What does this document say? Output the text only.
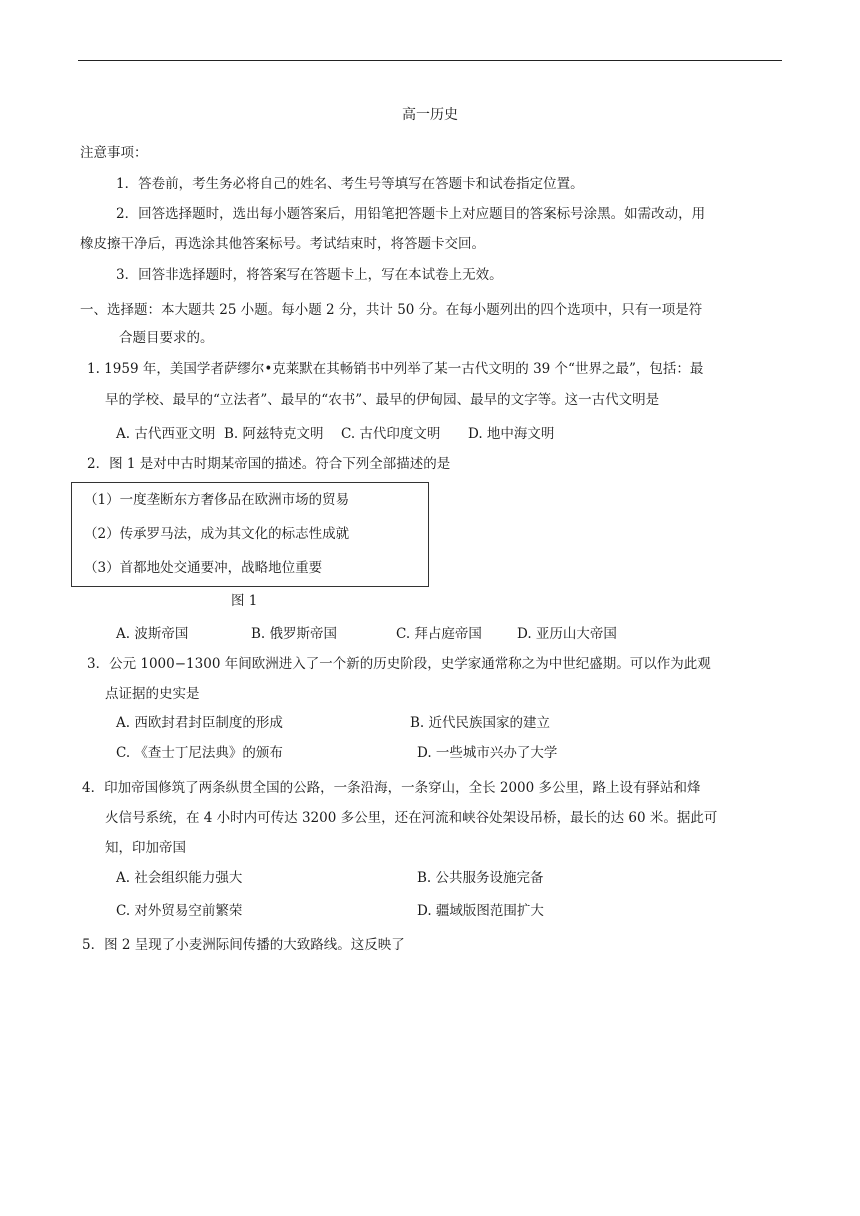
高一历史
注意事项：
1．答卷前，考生务必将自己的姓名、考生号等填写在答题卡和试卷指定位置。
2．回答选择题时，选出每小题答案后，用铅笔把答题卡上对应题目的答案标号涂黑。如需改动，用
橡皮擦干净后，再选涂其他答案标号。考试结束时，将答题卡交回。
3．回答非选择题时，将答案写在答题卡上，写在本试卷上无效。
一、选择题：本大题共 25 小题。每小题 2 分，共计 50 分。在每小题列出的四个选项中，只有一项是符
合题目要求的。
1. 1959 年，美国学者萨缪尔•克莱默在其畅销书中列举了某一古代文明的 39 个“世界之最”，包括：最
早的学校、最早的“立法者”、最早的“农书”、最早的伊甸园、最早的文字等。这一古代文明是
A. 古代西亚文明 B. 阿兹特克文明 C. 古代印度文明 D. 地中海文明
2．图 1 是对中古时期某帝国的描述。符合下列全部描述的是
（1）一度垄断东方奢侈品在欧洲市场的贸易
（2）传承罗马法，成为其文化的标志性成就
（3）首都地处交通要冲，战略地位重要
图 1
A. 波斯帝国	B. 俄罗斯帝国	C. 拜占庭帝国	D. 亚历山大帝国
3．公元 1000−1300 年间欧洲进入了一个新的历史阶段，史学家通常称之为中世纪盛期。可以作为此观
点证据的史实是
A. 西欧封君封臣制度的形成	B. 近代民族国家的建立
C. 《查士丁尼法典》的颁布	D. 一些城市兴办了大学
4．印加帝国修筑了两条纵贯全国的公路，一条沿海，一条穿山，全长 2000 多公里，路上设有驿站和烽
火信号系统，在 4 小时内可传达 3200 多公里，还在河流和峡谷处架设吊桥，最长的达 60 米。据此可
知，印加帝国
A. 社会组织能力强大	B. 公共服务设施完备
C. 对外贸易空前繁荣	D. 疆域版图范围扩大
5．图 2 呈现了小麦洲际间传播的大致路线。这反映了
